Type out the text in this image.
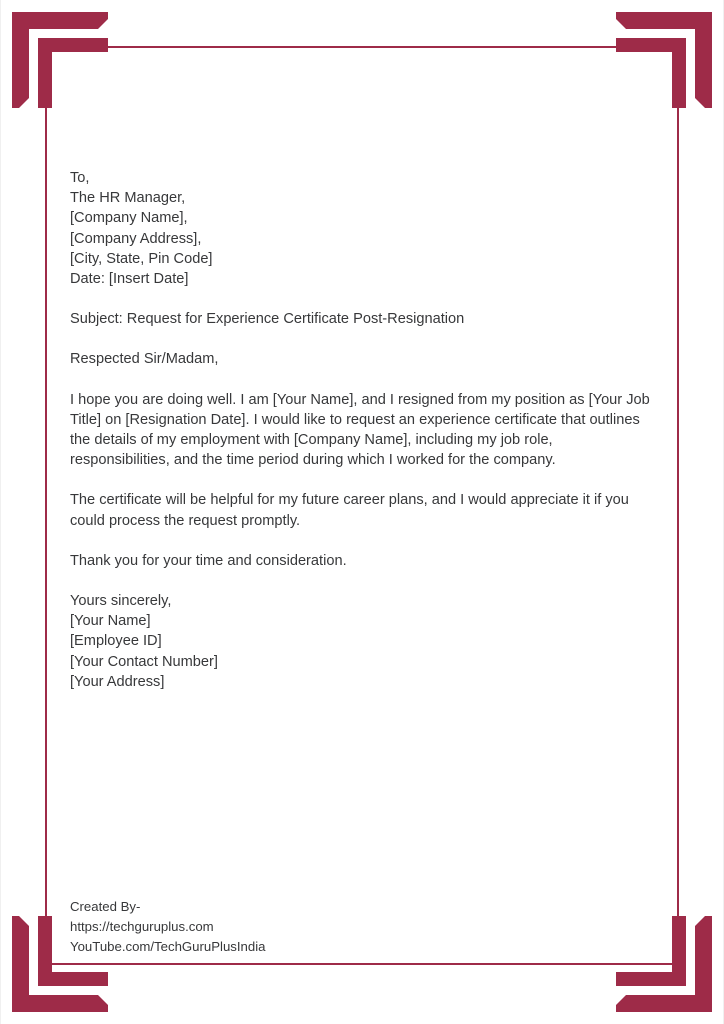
To,
The HR Manager,
[Company Name],
[Company Address],
[City, State, Pin Code]
Date: [Insert Date]
Subject: Request for Experience Certificate Post-Resignation
Respected Sir/Madam,

I hope you are doing well. I am [Your Name], and I resigned from my position as [Your Job Title] on [Resignation Date]. I would like to request an experience certificate that outlines the details of my employment with [Company Name], including my job role, responsibilities, and the time period during which I worked for the company.

The certificate will be helpful for my future career plans, and I would appreciate it if you could process the request promptly.

Thank you for your time and consideration.
Yours sincerely,
[Your Name]
[Employee ID]
[Your Contact Number]
[Your Address]
Created By-
https://techguruplus.com
YouTube.com/TechGuruPlusIndia
